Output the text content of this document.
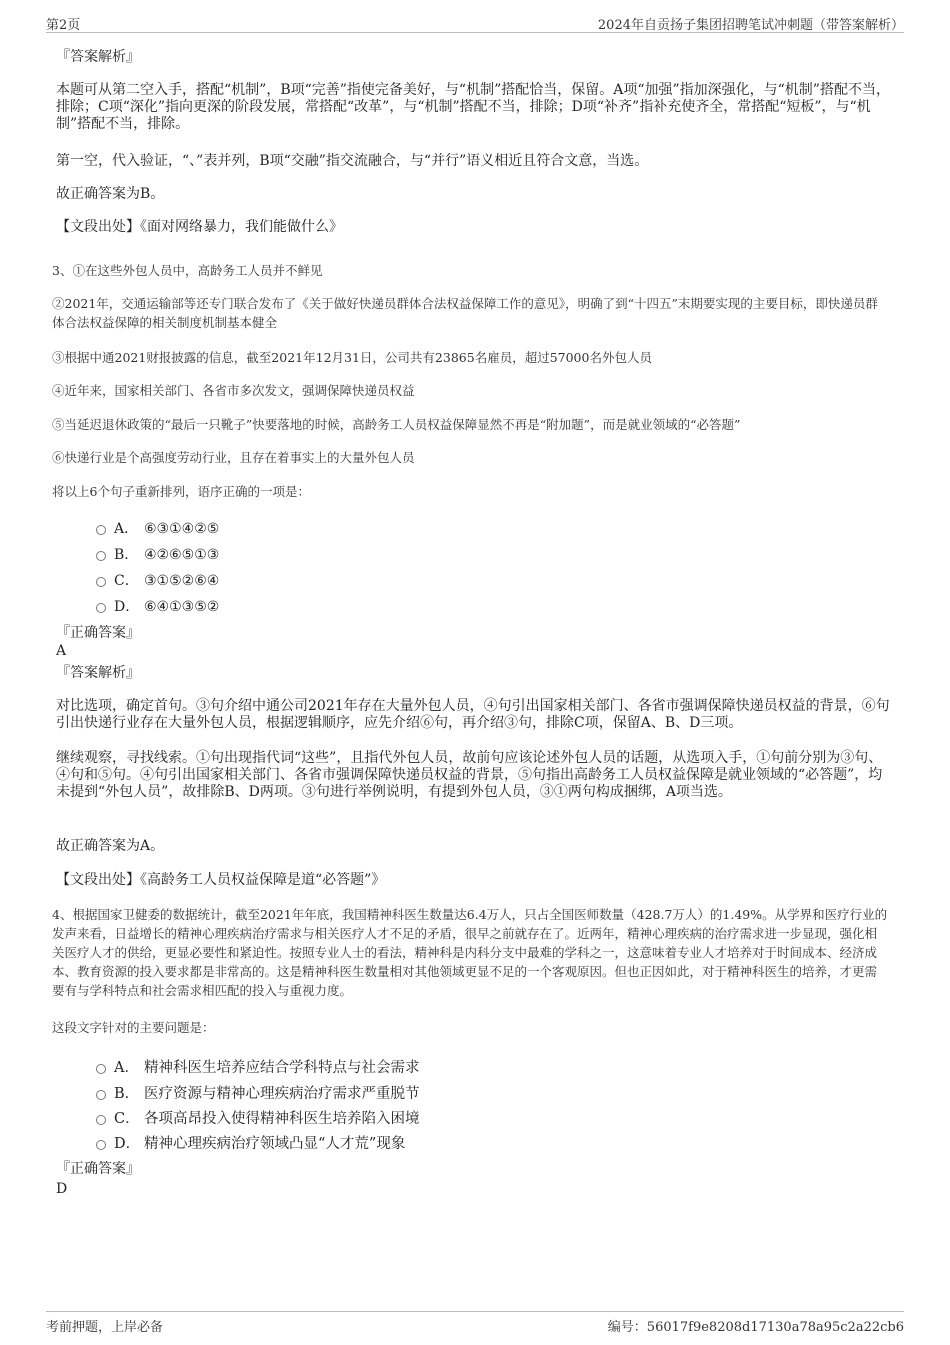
第2页	2024年自贡扬子集团招聘笔试冲刺题（带答案解析）

『答案解析』

本题可从第二空入手，搭配“机制”，B项“完善”指使完备美好，与“机制”搭配恰当，保留。A项“加强”指加深强化，与“机制”搭配不当，排除；C项“深化”指向更深的阶段发展，常搭配“改革”，与“机制”搭配不当，排除；D项“补齐”指补充使齐全，常搭配“短板”，与“机制”搭配不当，排除。

第一空，代入验证，“、”表并列，B项“交融”指交流融合，与“并行”语义相近且符合文意，当选。

故正确答案为B。

【文段出处】《面对网络暴力，我们能做什么》

3、①在这些外包人员中，高龄务工人员并不鲜见

②2021年，交通运输部等还专门联合发布了《关于做好快递员群体合法权益保障工作的意见》，明确了到“十四五”末期要实现的主要目标，即快递员群体合法权益保障的相关制度机制基本健全

③根据中通2021财报披露的信息，截至2021年12月31日，公司共有23865名雇员，超过57000名外包人员

④近年来，国家相关部门、各省市多次发文，强调保障快递员权益

⑤当延迟退休政策的“最后一只靴子”快要落地的时候，高龄务工人员权益保障显然不再是“附加题”，而是就业领域的“必答题”

⑥快递行业是个高强度劳动行业，且存在着事实上的大量外包人员

将以上6个句子重新排列，语序正确的一项是：

A． ⑥③①④②⑤
B． ④②⑥⑤①③
C． ③①⑤②⑥④
D． ⑥④①③⑤②

『正确答案』

A

『答案解析』

对比选项，确定首句。③句介绍中通公司2021年存在大量外包人员，④句引出国家相关部门、各省市强调保障快递员权益的背景，⑥句引出快递行业存在大量外包人员，根据逻辑顺序，应先介绍⑥句，再介绍③句，排除C项，保留A、B、D三项。

继续观察，寻找线索。①句出现指代词“这些”，且指代外包人员，故前句应该论述外包人员的话题，从选项入手，①句前分别为③句、④句和⑤句。④句引出国家相关部门、各省市强调保障快递员权益的背景，⑤句指出高龄务工人员权益保障是就业领域的“必答题”，均未提到“外包人员”，故排除B、D两项。③句进行举例说明，有提到外包人员，③①两句构成捆绑，A项当选。

故正确答案为A。

【文段出处】《高龄务工人员权益保障是道“必答题”》

4、根据国家卫健委的数据统计，截至2021年年底，我国精神科医生数量达6.4万人，只占全国医师数量（428.7万人）的1.49%。从学界和医疗行业的发声来看，日益增长的精神心理疾病治疗需求与相关医疗人才不足的矛盾，很早之前就存在了。近两年，精神心理疾病的治疗需求进一步显现，强化相关医疗人才的供给，更显必要性和紧迫性。按照专业人士的看法，精神科是内科分支中最难的学科之一，这意味着专业人才培养对于时间成本、经济成本、教育资源的投入要求都是非常高的。这是精神科医生数量相对其他领域更显不足的一个客观原因。但也正因如此，对于精神科医生的培养，才更需要有与学科特点和社会需求相匹配的投入与重视力度。

这段文字针对的主要问题是：

A． 精神科医生培养应结合学科特点与社会需求
B． 医疗资源与精神心理疾病治疗需求严重脱节
C． 各项高昂投入使得精神科医生培养陷入困境
D． 精神心理疾病治疗领域凸显“人才荒”现象

『正确答案』

D

考前押题，上岸必备	编号：56017f9e8208d17130a78a95c2a22cb6
